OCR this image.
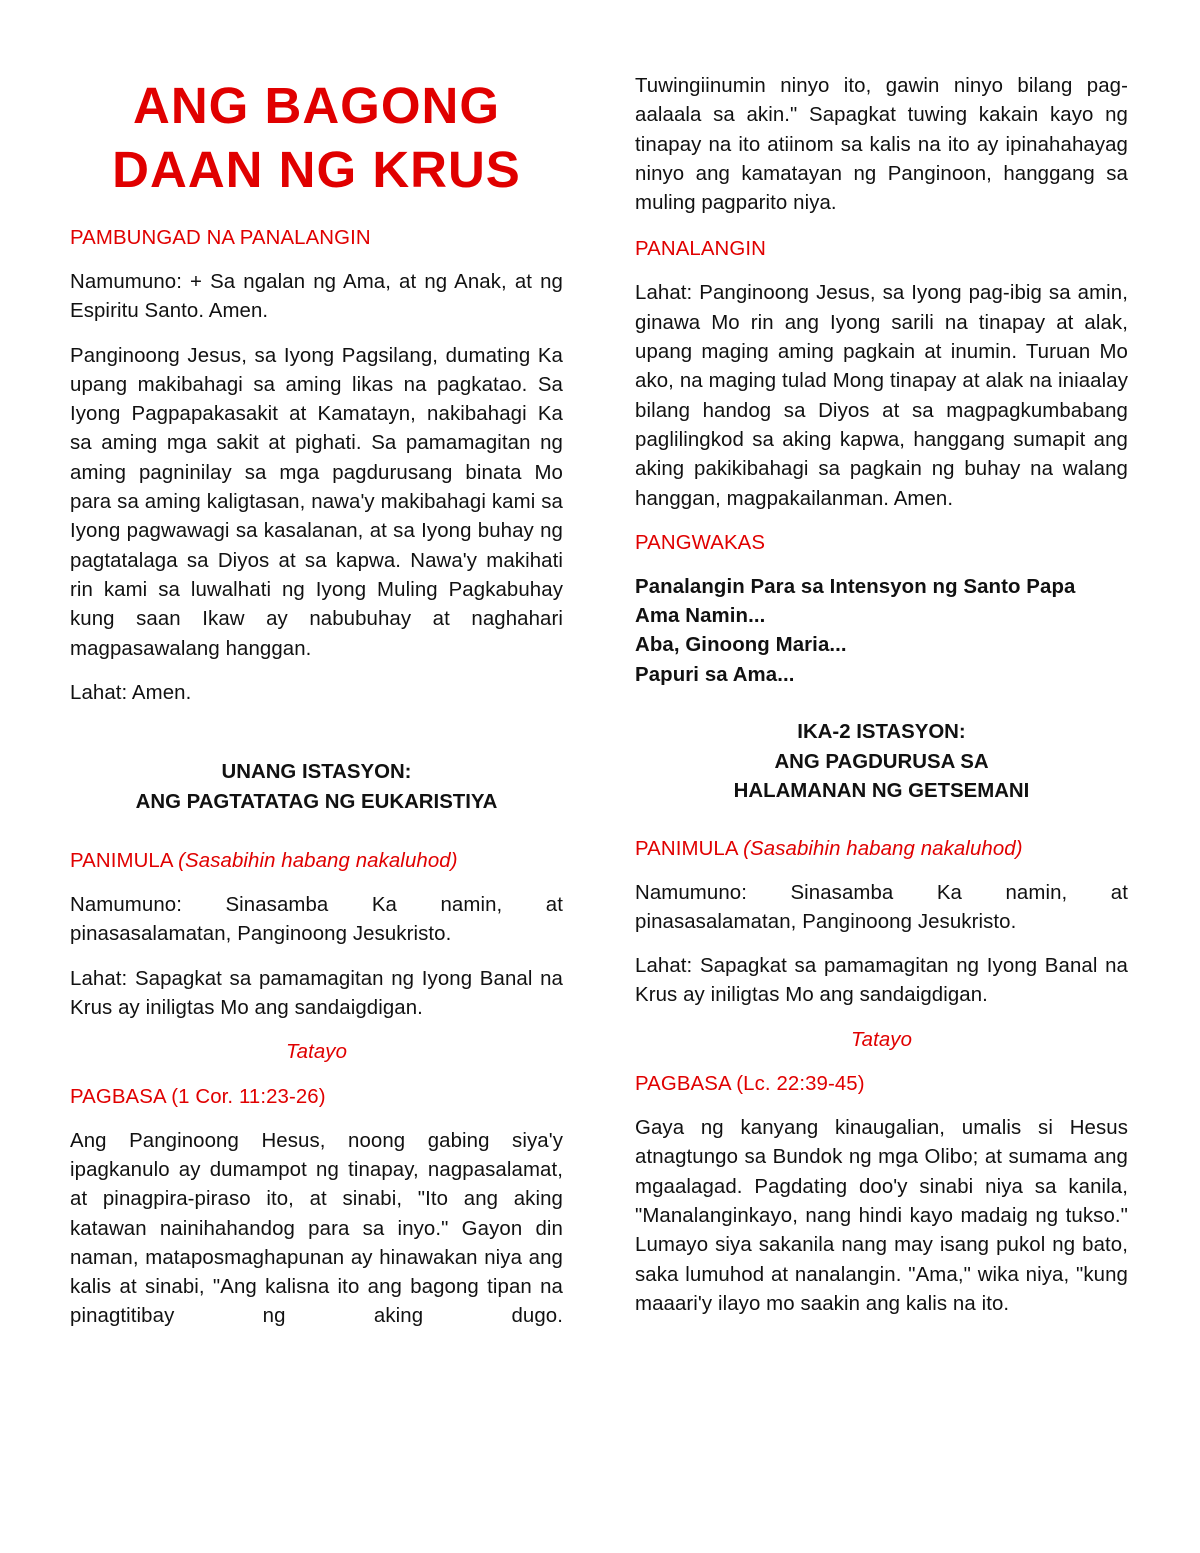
ANG BAGONG
DAAN NG KRUS

PAMBUNGAD NA PANALANGIN

Namumuno: + Sa ngalan ng Ama, at ng Anak, at ng Espiritu Santo. Amen.

Panginoong Jesus, sa Iyong Pagsilang, dumating Ka upang makibahagi sa aming likas na pagkatao. Sa Iyong Pagpapakasakit at Kamatayn, nakibahagi Ka sa aming mga sakit at pighati. Sa pamamagitan ng aming pagninilay sa mga pagdurusang binata Mo para sa aming kaligtasan, nawa'y makibahagi kami sa Iyong pagwawagi sa kasalanan, at sa Iyong buhay ng pagtatalaga sa Diyos at sa kapwa. Nawa'y makihati rin kami sa luwalhati ng Iyong Muling Pagkabuhay kung saan Ikaw ay nabubuhay at naghahari magpasawalang hanggan.

Lahat: Amen.

UNANG ISTASYON:
ANG PAGTATATAG NG EUKARISTIYA

PANIMULA (Sasabihin habang nakaluhod)

Namumuno: Sinasamba Ka namin, at pinasasalamatan, Panginoong Jesukristo.

Lahat: Sapagkat sa pamamagitan ng Iyong Banal na Krus ay iniligtas Mo ang sandaigdigan.

Tatayo

PAGBASA (1 Cor. 11:23-26)

Ang Panginoong Hesus, noong gabing siya'y ipagkanulo ay dumampot ng tinapay, nagpasalamat, at pinagpira-piraso ito, at sinabi, "Ito ang aking katawan nainihahandog para sa inyo." Gayon din naman, mataposmaghapunan ay hinawakan niya ang kalis at sinabi, "Ang kalisna ito ang bagong tipan na pinagtitibay ng aking dugo.

Tuwingiinumin ninyo ito, gawin ninyo bilang pag-aalaala sa akin." Sapagkat tuwing kakain kayo ng tinapay na ito atiinom sa kalis na ito ay ipinahahayag ninyo ang kamatayan ng Panginoon, hanggang sa muling pagparito niya.

PANALANGIN

Lahat: Panginoong Jesus, sa Iyong pag-ibig sa amin, ginawa Mo rin ang Iyong sarili na tinapay at alak, upang maging aming pagkain at inumin. Turuan Mo ako, na maging tulad Mong tinapay at alak na iniaalay bilang handog sa Diyos at sa magpagkumbabang paglilingkod sa aking kapwa, hanggang sumapit ang aking pakikibahagi sa pagkain ng buhay na walang hanggan, magpakailanman. Amen.

PANGWAKAS

Panalangin Para sa Intensyon ng Santo Papa

Ama Namin...

Aba, Ginoong Maria...

Papuri sa Ama...

IKA-2 ISTASYON:
ANG PAGDURUSA SA HALAMANAN NG GETSEMANI

PANIMULA (Sasabihin habang nakaluhod)

Namumuno: Sinasamba Ka namin, at pinasasalamatan, Panginoong Jesukristo.

Lahat: Sapagkat sa pamamagitan ng Iyong Banal na Krus ay iniligtas Mo ang sandaigdigan.

Tatayo

PAGBASA (Lc. 22:39-45)

Gaya ng kanyang kinaugalian, umalis si Hesus atnagtungo sa Bundok ng mga Olibo; at sumama ang mgaalagad. Pagdating doo'y sinabi niya sa kanila, "Manalanginkayo, nang hindi kayo madaig ng tukso." Lumayo siya sakanila nang may isang pukol ng bato, saka lumuhod at nanalangin. "Ama," wika niya, "kung maaari'y ilayo mo saakin ang kalis na ito.
